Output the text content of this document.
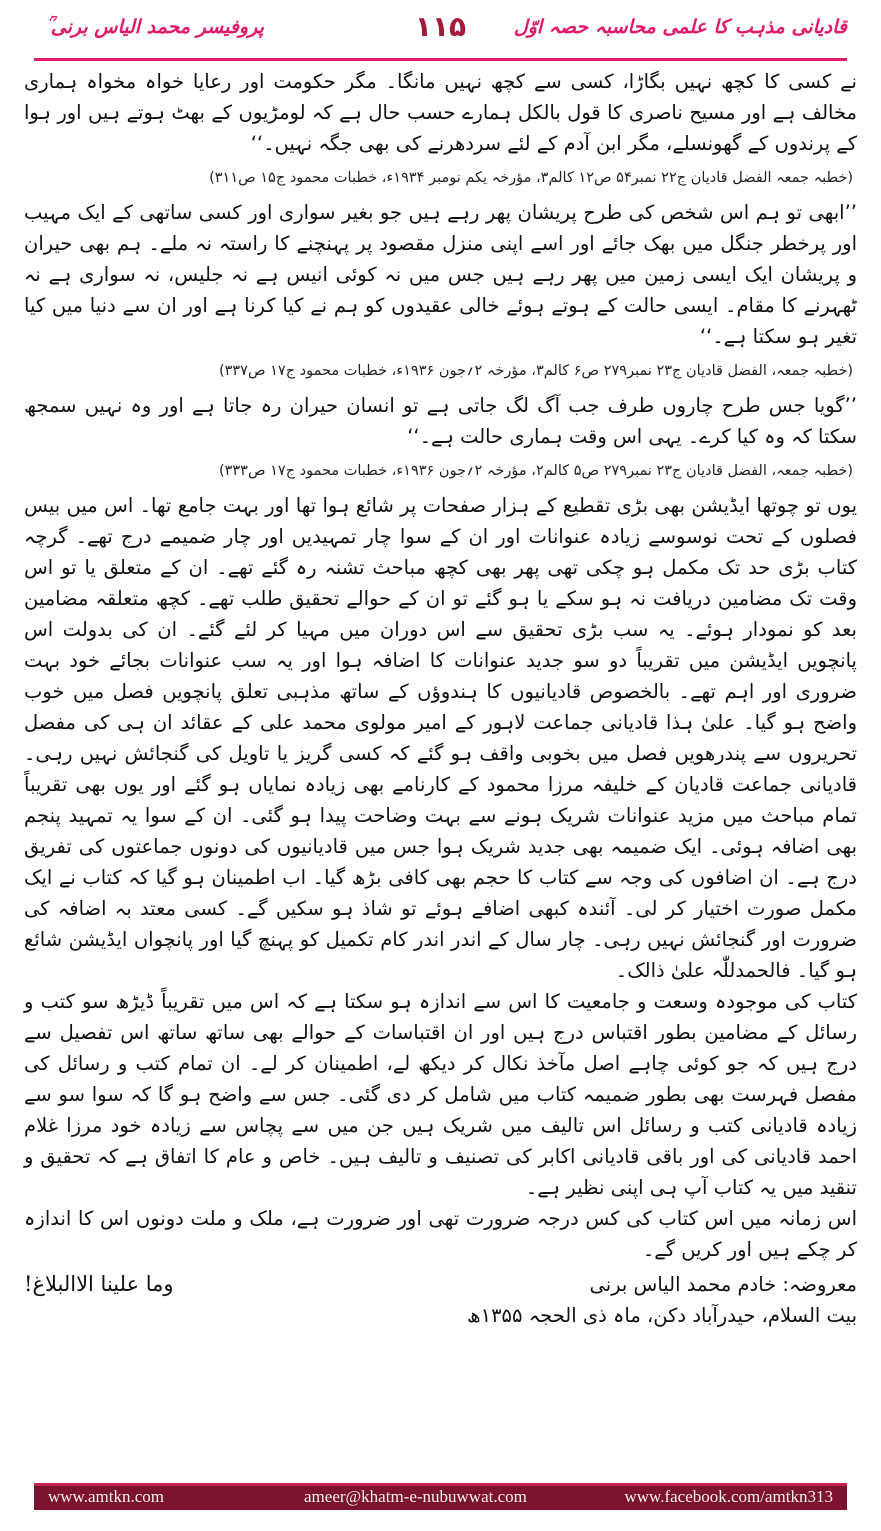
قادیانی مذہب کا علمی محاسبہ حصہ اوّل
۱۱۵
پروفیسر محمد الیاس برنی ؒ

نے کسی کا کچھ نہیں بگاڑا، کسی سے کچھ نہیں مانگا۔ مگر حکومت اور رعایا خواہ مخواہ ہماری مخالف ہے اور مسیح ناصری کا قول بالکل ہمارے حسب حال ہے کہ لومڑیوں کے بھٹ ہوتے ہیں اور ہوا کے پرندوں کے گھونسلے، مگر ابن آدم کے لئے سردھرنے کی بھی جگہ نہیں۔‘‘

(خطبہ جمعہ الفضل قادیان ج۲۲ نمبر۵۴ ص۱۲ کالم۳، مؤرخہ یکم نومبر ۱۹۳۴ء، خطبات محمود ج۱۵ ص۳۱۱)

’’ابھی تو ہم اس شخص کی طرح پریشان پھر رہے ہیں جو بغیر سواری اور کسی ساتھی کے ایک مہیب اور پرخطر جنگل میں بھک جائے اور اسے اپنی منزل مقصود پر پہنچنے کا راستہ نہ ملے۔ ہم بھی حیران و پریشان ایک ایسی زمین میں پھر رہے ہیں جس میں نہ کوئی انیس ہے نہ جلیس، نہ سواری ہے نہ ٹھہرنے کا مقام۔ ایسی حالت کے ہوتے ہوئے خالی عقیدوں کو ہم نے کیا کرنا ہے اور ان سے دنیا میں کیا تغیر ہو سکتا ہے۔‘‘

(خطبہ جمعہ، الفضل قادیان ج۲۳ نمبر۲۷۹ ص۶ کالم۳، مؤرخہ ۲؍جون ۱۹۳۶ء، خطبات محمود ج۱۷ ص۳۳۷)

’’گویا جس طرح چاروں طرف جب آگ لگ جاتی ہے تو انسان حیران رہ جاتا ہے اور وہ نہیں سمجھ سکتا کہ وہ کیا کرے۔ یہی اس وقت ہماری حالت ہے۔‘‘

(خطبہ جمعہ، الفضل قادیان ج۲۳ نمبر۲۷۹ ص۵ کالم۲، مؤرخہ ۲؍جون ۱۹۳۶ء، خطبات محمود ج۱۷ ص۳۳۳)

یوں تو چوتھا ایڈیشن بھی بڑی تقطیع کے ہزار صفحات پر شائع ہوا تھا اور بہت جامع تھا۔ اس میں بیس فصلوں کے تحت نوسوسے زیادہ عنوانات اور ان کے سوا چار تمہیدیں اور چار ضمیمے درج تھے۔ گرچہ کتاب بڑی حد تک مکمل ہو چکی تھی پھر بھی کچھ مباحث تشنہ رہ گئے تھے۔ ان کے متعلق یا تو اس وقت تک مضامین دریافت نہ ہو سکے یا ہو گئے تو ان کے حوالے تحقیق طلب تھے۔ کچھ متعلقہ مضامین بعد کو نمودار ہوئے۔ یہ سب بڑی تحقیق سے اس دوران میں مہیا کر لئے گئے۔ ان کی بدولت اس پانچویں ایڈیشن میں تقریباً دو سو جدید عنوانات کا اضافہ ہوا اور یہ سب عنوانات بجائے خود بہت ضروری اور اہم تھے۔ بالخصوص قادیانیوں کا ہندوؤں کے ساتھ مذہبی تعلق پانچویں فصل میں خوب واضح ہو گیا۔ علیٰ ہذا قادیانی جماعت لاہور کے امیر مولوی محمد علی کے عقائد ان ہی کی مفصل تحریروں سے پندرھویں فصل میں بخوبی واقف ہو گئے کہ کسی گریز یا تاویل کی گنجائش نہیں رہی۔ قادیانی جماعت قادیان کے خلیفہ مرزا محمود کے کارنامے بھی زیادہ نمایاں ہو گئے اور یوں بھی تقریباً تمام مباحث میں مزید عنوانات شریک ہونے سے بہت وضاحت پیدا ہو گئی۔ ان کے سوا یہ تمہید پنجم بھی اضافہ ہوئی۔ ایک ضمیمہ بھی جدید شریک ہوا جس میں قادیانیوں کی دونوں جماعتوں کی تفریق درج ہے۔ ان اضافوں کی وجہ سے کتاب کا حجم بھی کافی بڑھ گیا۔ اب اطمینان ہو گیا کہ کتاب نے ایک مکمل صورت اختیار کر لی۔ آئندہ کبھی اضافے ہوئے تو شاذ ہو سکیں گے۔ کسی معتد بہ اضافہ کی ضرورت اور گنجائش نہیں رہی۔ چار سال کے اندر اندر کام تکمیل کو پہنچ گیا اور پانچواں ایڈیشن شائع ہو گیا۔ فالحمدللّٰہ علیٰ ذالک۔

کتاب کی موجودہ وسعت و جامعیت کا اس سے اندازہ ہو سکتا ہے کہ اس میں تقریباً ڈیڑھ سو کتب و رسائل کے مضامین بطور اقتباس درج ہیں اور ان اقتباسات کے حوالے بھی ساتھ ساتھ اس تفصیل سے درج ہیں کہ جو کوئی چاہے اصل مآخذ نکال کر دیکھ لے، اطمینان کر لے۔ ان تمام کتب و رسائل کی مفصل فہرست بھی بطور ضمیمہ کتاب میں شامل کر دی گئی۔ جس سے واضح ہو گا کہ سوا سو سے زیادہ قادیانی کتب و رسائل اس تالیف میں شریک ہیں جن میں سے پچاس سے زیادہ خود مرزا غلام احمد قادیانی کی اور باقی قادیانی اکابر کی تصنیف و تالیف ہیں۔ خاص و عام کا اتفاق ہے کہ تحقیق و تنقید میں یہ کتاب آپ ہی اپنی نظیر ہے۔

اس زمانہ میں اس کتاب کی کس درجہ ضرورت تھی اور ضرورت ہے، ملک و ملت دونوں اس کا اندازہ کر چکے ہیں اور کریں گے۔

معروضہ: خادم محمد الیاس برنی
وما علینا الاالبلاغ!

بیت السلام، حیدرآباد دکن، ماہ ذی الحجہ ۱۳۵۵ھ

www.amtkn.com	ameer@khatm-e-nubuwwat.com	www.facebook.com/amtkn313
